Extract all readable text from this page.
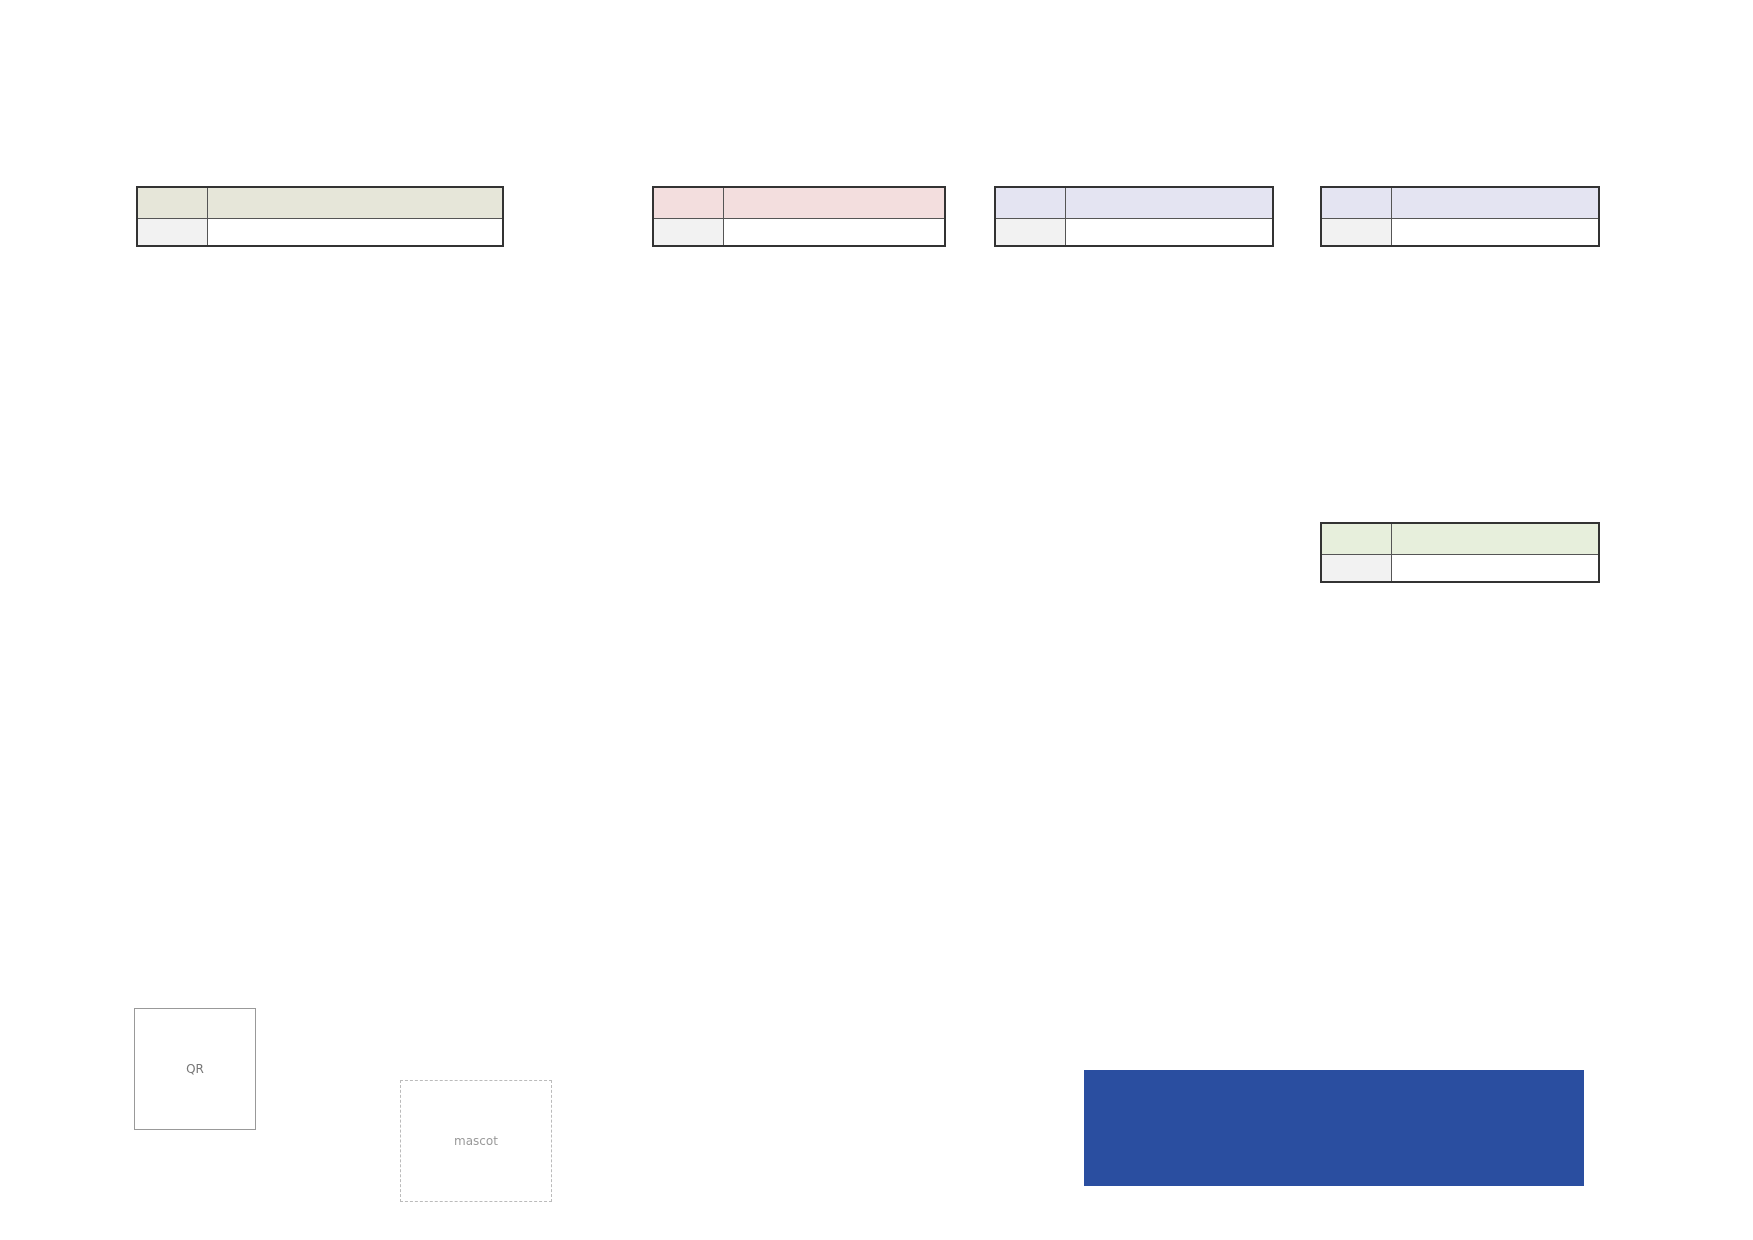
QR
mascot
